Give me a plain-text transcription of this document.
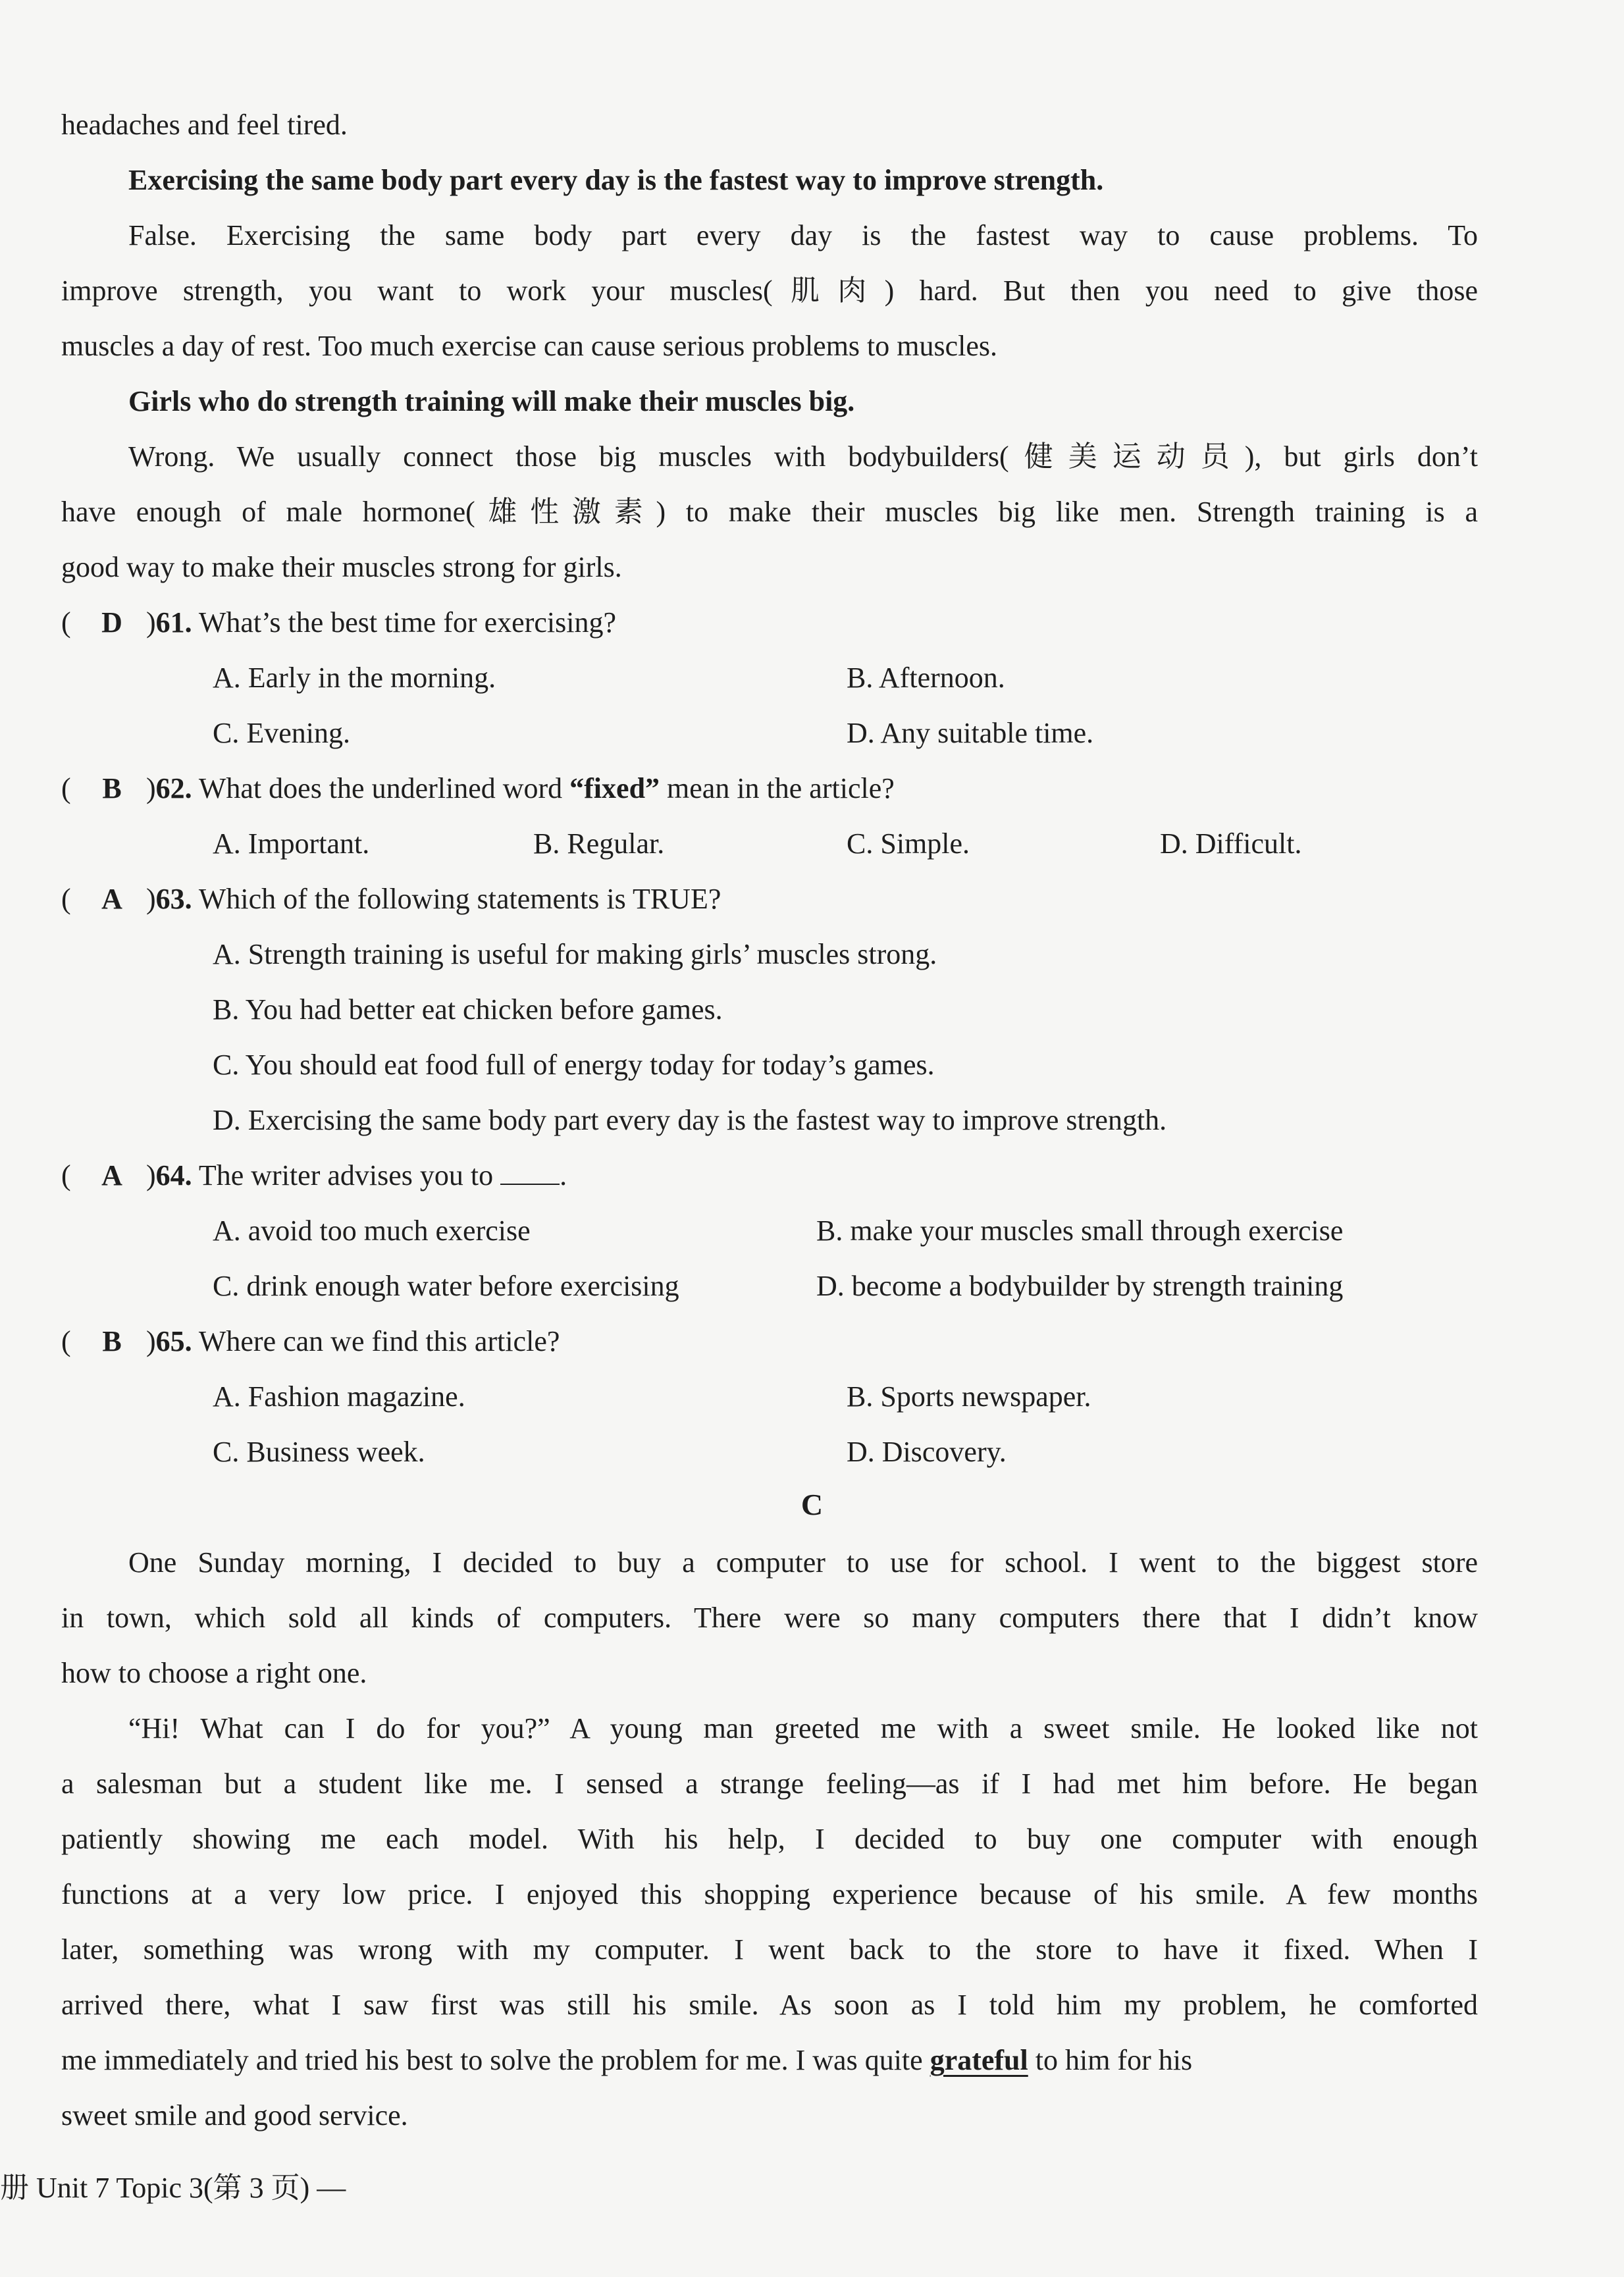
headaches and feel tired.
Exercising the same body part every day is the fastest way to improve strength.
False. Exercising the same body part every day is the fastest way to cause problems. To
improve strength, you want to work your muscles(肌肉) hard. But then you need to give those
muscles a day of rest. Too much exercise can cause serious problems to muscles.
Girls who do strength training will make their muscles big.
Wrong. We usually connect those big muscles with bodybuilders(健美运动员), but girls don’t
have enough of male hormone(雄性激素) to make their muscles big like men. Strength training is a
good way to make their muscles strong for girls.
( D )61. What’s the best time for exercising?
A. Early in the morning.	B. Afternoon.
C. Evening.	D. Any suitable time.
( B )62. What does the underlined word “fixed” mean in the article?
A. Important.	B. Regular.	C. Simple.	D. Difficult.
( A )63. Which of the following statements is TRUE?
A. Strength training is useful for making girls’ muscles strong.
B. You had better eat chicken before games.
C. You should eat food full of energy today for today’s games.
D. Exercising the same body part every day is the fastest way to improve strength.
( A )64. The writer advises you to .
A. avoid too much exercise	B. make your muscles small through exercise
C. drink enough water before exercising	D. become a bodybuilder by strength training
( B )65. Where can we find this article?
A. Fashion magazine.	B. Sports newspaper.
C. Business week.	D. Discovery.
C
One Sunday morning, I decided to buy a computer to use for school. I went to the biggest store
in town, which sold all kinds of computers. There were so many computers there that I didn’t know
how to choose a right one.
“Hi! What can I do for you?” A young man greeted me with a sweet smile. He looked like not
a salesman but a student like me. I sensed a strange feeling—as if I had met him before. He began
patiently showing me each model. With his help, I decided to buy one computer with enough
functions at a very low price. I enjoyed this shopping experience because of his smile. A few months
later, something was wrong with my computer. I went back to the store to have it fixed. When I
arrived there, what I saw first was still his smile. As soon as I told him my problem, he comforted
me immediately and tried his best to solve the problem for me. I was quite grateful to him for his
sweet smile and good service.
册 Unit 7 Topic 3(第 3 页) —
